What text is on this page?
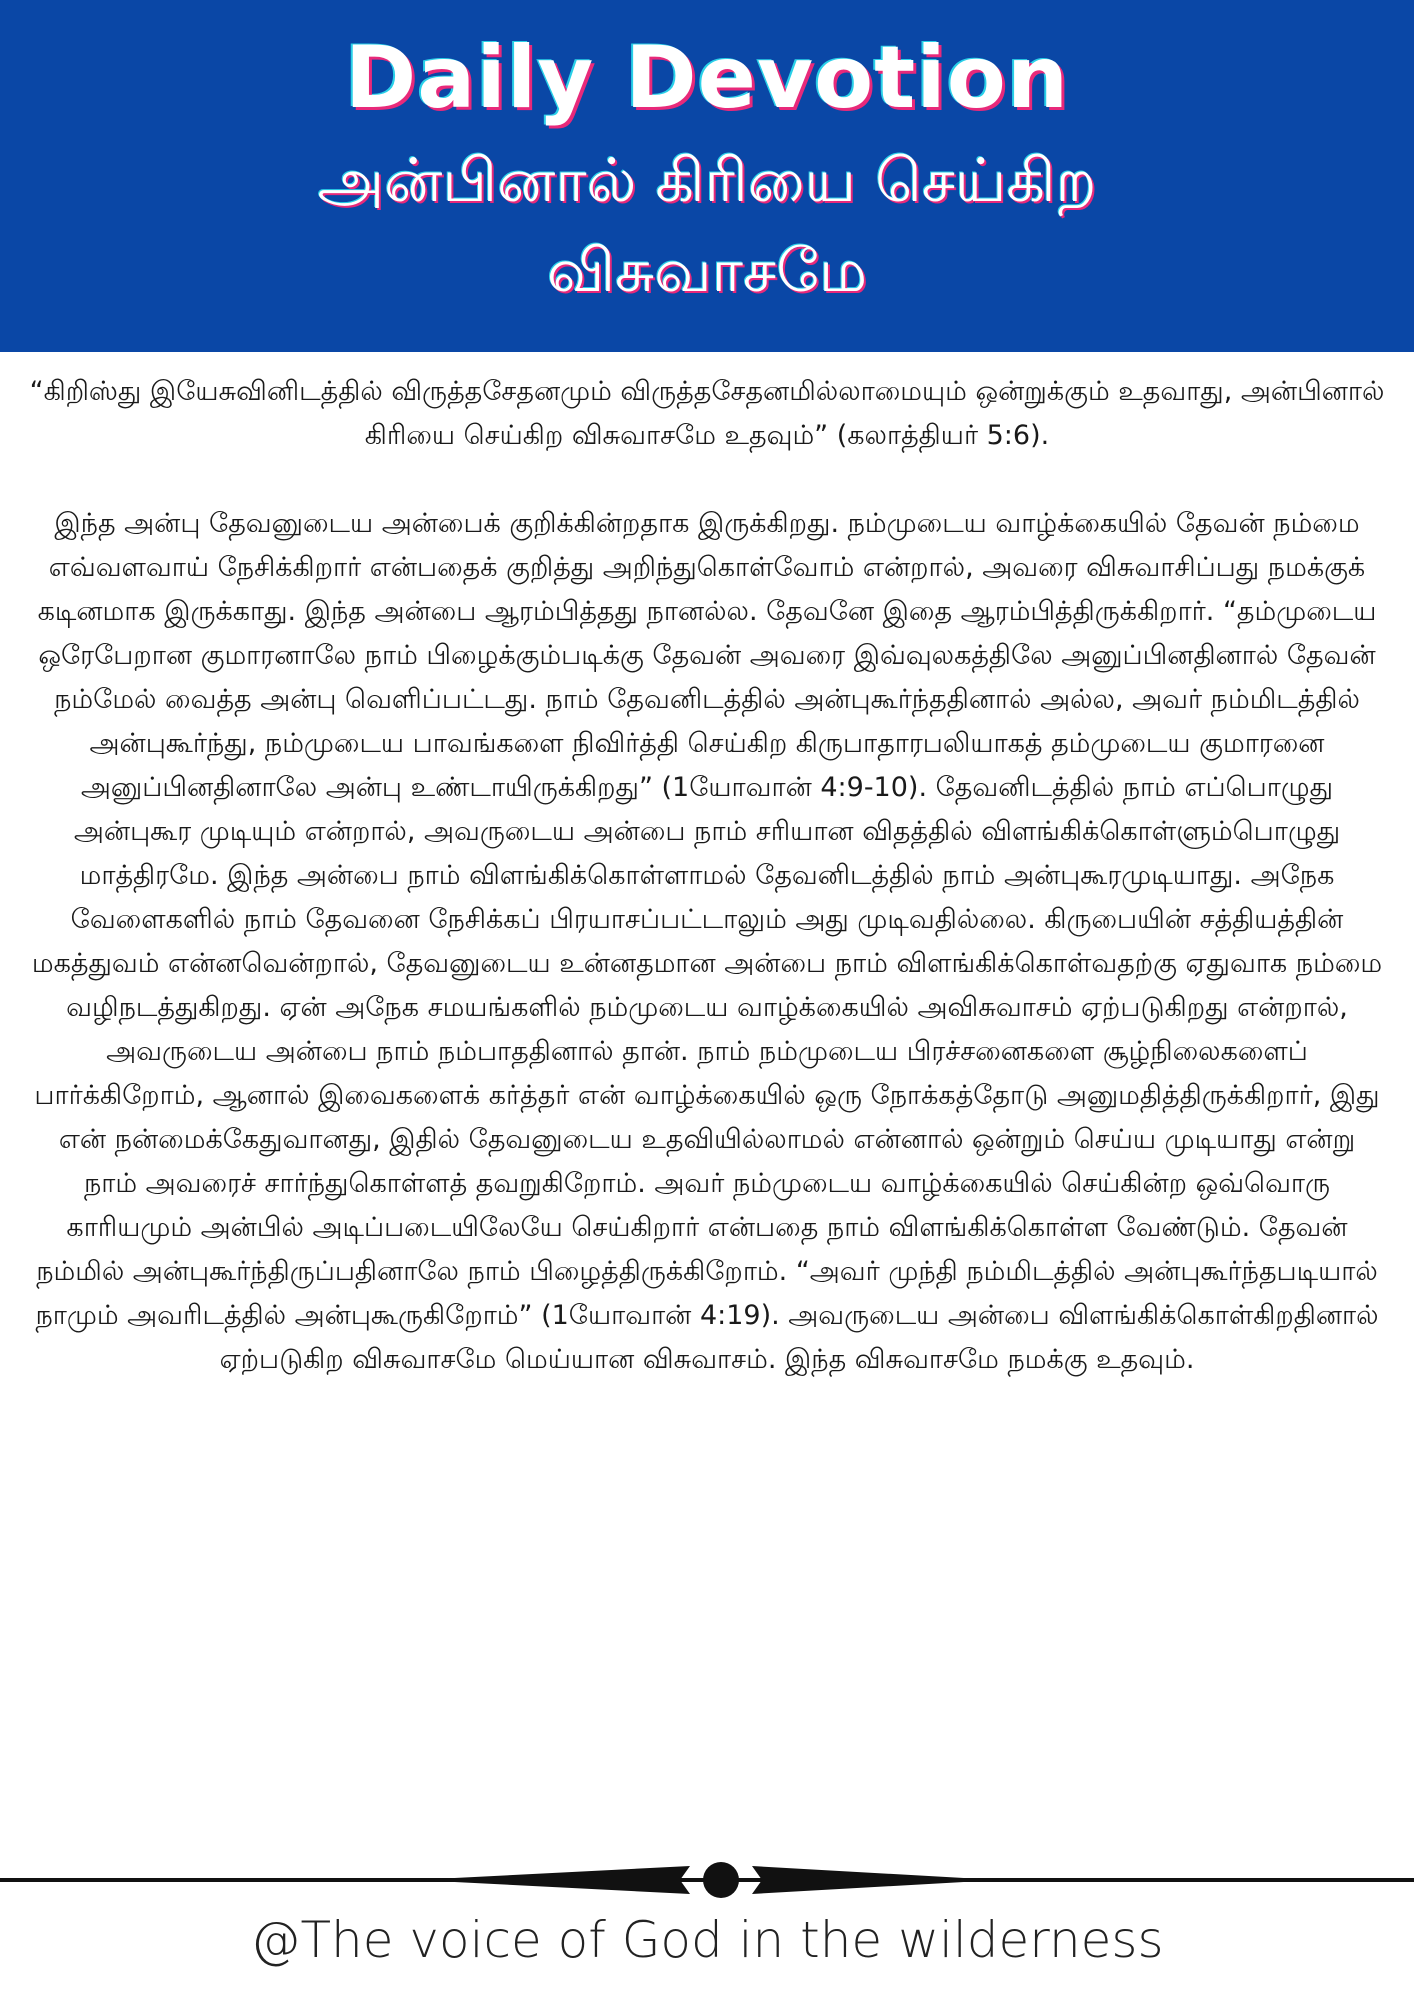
Daily Devotion
அன்பினால் கிரியை செய்கிற விசுவாசமே

“கிறிஸ்து இயேசுவினிடத்தில் விருத்தசேதனமும் விருத்தசேதனமில்லாமையும் ஒன்றுக்கும் உதவாது, அன்பினால் கிரியை செய்கிற விசுவாசமே உதவும்” (கலாத்தியர் 5:6).

இந்த அன்பு தேவனுடைய அன்பைக் குறிக்கின்றதாக இருக்கிறது. நம்முடைய வாழ்க்கையில் தேவன் நம்மை எவ்வளவாய் நேசிக்கிறார் என்பதைக் குறித்து அறிந்துகொள்வோம் என்றால், அவரை விசுவாசிப்பது நமக்குக் கடினமாக இருக்காது. இந்த அன்பை ஆரம்பித்தது நானல்ல. தேவனே இதை ஆரம்பித்திருக்கிறார். “தம்முடைய ஒரேபேறான குமாரனாலே நாம் பிழைக்கும்படிக்கு தேவன் அவரை இவ்வுலகத்திலே அனுப்பினதினால் தேவன் நம்மேல் வைத்த அன்பு வெளிப்பட்டது. நாம் தேவனிடத்தில் அன்புகூர்ந்ததினால் அல்ல, அவர் நம்மிடத்தில் அன்புகூர்ந்து, நம்முடைய பாவங்களை நிவிர்த்தி செய்கிற கிருபாதாரபலியாகத் தம்முடைய குமாரனை அனுப்பினதினாலே அன்பு உண்டாயிருக்கிறது” (1யோவான் 4:9-10). தேவனிடத்தில் நாம் எப்பொழுது அன்புகூர முடியும் என்றால், அவருடைய அன்பை நாம் சரியான விதத்தில் விளங்கிக்கொள்ளும்பொழுது மாத்திரமே. இந்த அன்பை நாம் விளங்கிக்கொள்ளாமல் தேவனிடத்தில் நாம் அன்புகூரமுடியாது. அநேக வேளைகளில் நாம் தேவனை நேசிக்கப் பிரயாசப்பட்டாலும் அது முடிவதில்லை. கிருபையின் சத்தியத்தின் மகத்துவம் என்னவென்றால், தேவனுடைய உன்னதமான அன்பை நாம் விளங்கிக்கொள்வதற்கு ஏதுவாக நம்மை வழிநடத்துகிறது. ஏன் அநேக சமயங்களில் நம்முடைய வாழ்க்கையில் அவிசுவாசம் ஏற்படுகிறது என்றால், அவருடைய அன்பை நாம் நம்பாததினால் தான். நாம் நம்முடைய பிரச்சனைகளை சூழ்நிலைகளைப் பார்க்கிறோம், ஆனால் இவைகளைக் கர்த்தர் என் வாழ்க்கையில் ஒரு நோக்கத்தோடு அனுமதித்திருக்கிறார், இது என் நன்மைக்கேதுவானது, இதில் தேவனுடைய உதவியில்லாமல் என்னால் ஒன்றும் செய்ய முடியாது என்று நாம் அவரைச் சார்ந்துகொள்ளத் தவறுகிறோம். அவர் நம்முடைய வாழ்க்கையில் செய்கின்ற ஒவ்வொரு காரியமும் அன்பில் அடிப்படையிலேயே செய்கிறார் என்பதை நாம் விளங்கிக்கொள்ள வேண்டும். தேவன் நம்மில் அன்புகூர்ந்திருப்பதினாலே நாம் பிழைத்திருக்கிறோம். “அவர் முந்தி நம்மிடத்தில் அன்புகூர்ந்தபடியால் நாமும் அவரிடத்தில் அன்புகூருகிறோம்” (1யோவான் 4:19). அவருடைய அன்பை விளங்கிக்கொள்கிறதினால் ஏற்படுகிற விசுவாசமே மெய்யான விசுவாசம். இந்த விசுவாசமே நமக்கு உதவும்.

@The voice of God in the wilderness
